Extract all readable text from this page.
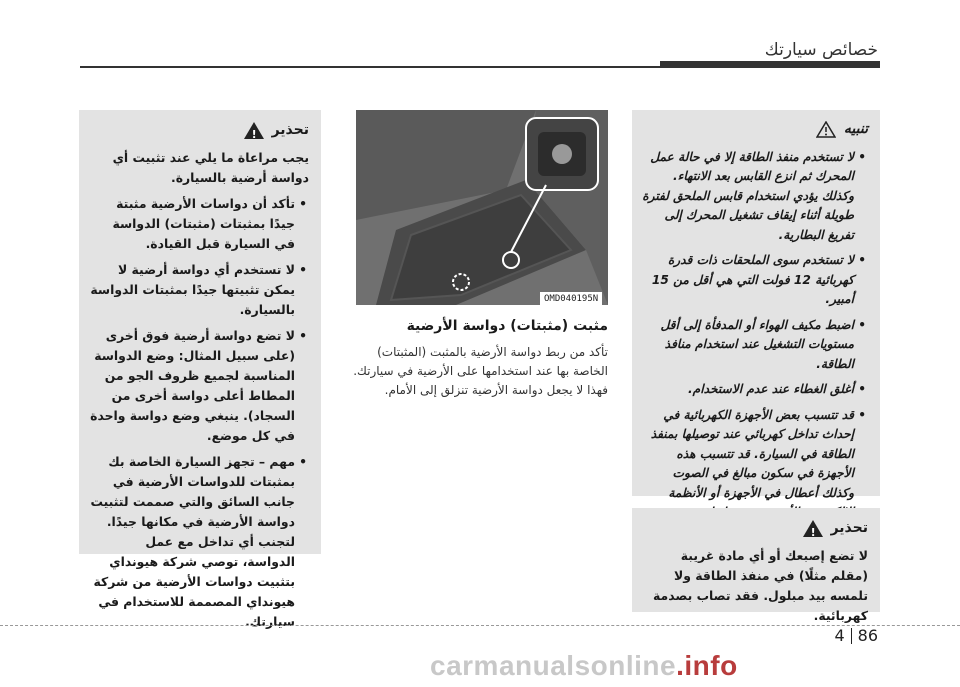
خصائص سيارتك
تحذير
!
يجب مراعاة ما يلي عند تثبيت أي دواسة أرضية بالسيارة.
• تأكد أن دواسات الأرضية مثبتة جيدًا بمثبتات (مثبتات) الدواسة في السيارة قبل القيادة.
• لا تستخدم أي دواسة أرضية لا يمكن تثبيتها جيدًا بمثبتات الدواسة بالسيارة.
• لا تضع دواسة أرضية فوق أخرى (على سبيل المثال: وضع الدواسة المناسبة لجميع ظروف الجو من المطاط أعلى دواسة أخرى من السجاد). ينبغي وضع دواسة واحدة في كل موضع.
• مهم – تجهز السيارة الخاصة بك بمثبتات للدواسات الأرضية في جانب السائق والتي صممت لتثبيت دواسة الأرضية في مكانها جيدًا. لتجنب أي تداخل مع عمل الدواسة، توصي شركة هيونداي بتثبيت دواسات الأرضية من شركة هيونداي المصممة للاستخدام في سيارتك.
OMD040195N
مثبت (مثبتات) دواسة الأرضية
تأكد من ربط دواسة الأرضية بالمثبت (المثبتات) الخاصة بها عند استخدامها على الأرضية في سيارتك. فهذا لا يجعل دواسة الأرضية تنزلق إلى الأمام.
تنبيه
• لا تستخدم منفذ الطاقة إلا في حالة عمل المحرك ثم انزع القابس بعد الانتهاء. وكذلك يؤدي استخدام قابس الملحق لفترة طويلة أثناء إيقاف تشغيل المحرك إلى تفريغ البطارية.
• لا تستخدم سوى الملحقات ذات قدرة كهربائية 12 فولت التي هي أقل من 15 أمبير.
• اضبط مكيف الهواء أو المدفأة إلى أقل مستويات التشغيل عند استخدام منافذ الطاقة.
• أغلق الغطاء عند عدم الاستخدام.
• قد تتسبب بعض الأجهزة الكهربائية في إحداث تداخل كهربائي عند توصيلها بمنفذ الطاقة في السيارة. قد تتسبب هذه الأجهزة في سكون مبالغ في الصوت وكذلك أعطال في الأجهزة أو الأنظمة
تحذير
!
لا تضع إصبعك أو أي مادة غريبة (مقلم مثلًا) في منفذ الطاقة ولا تلمسه بيد مبلول. فقد تصاب بصدمة كهربائية.
4 86
carmanualsonline.info
